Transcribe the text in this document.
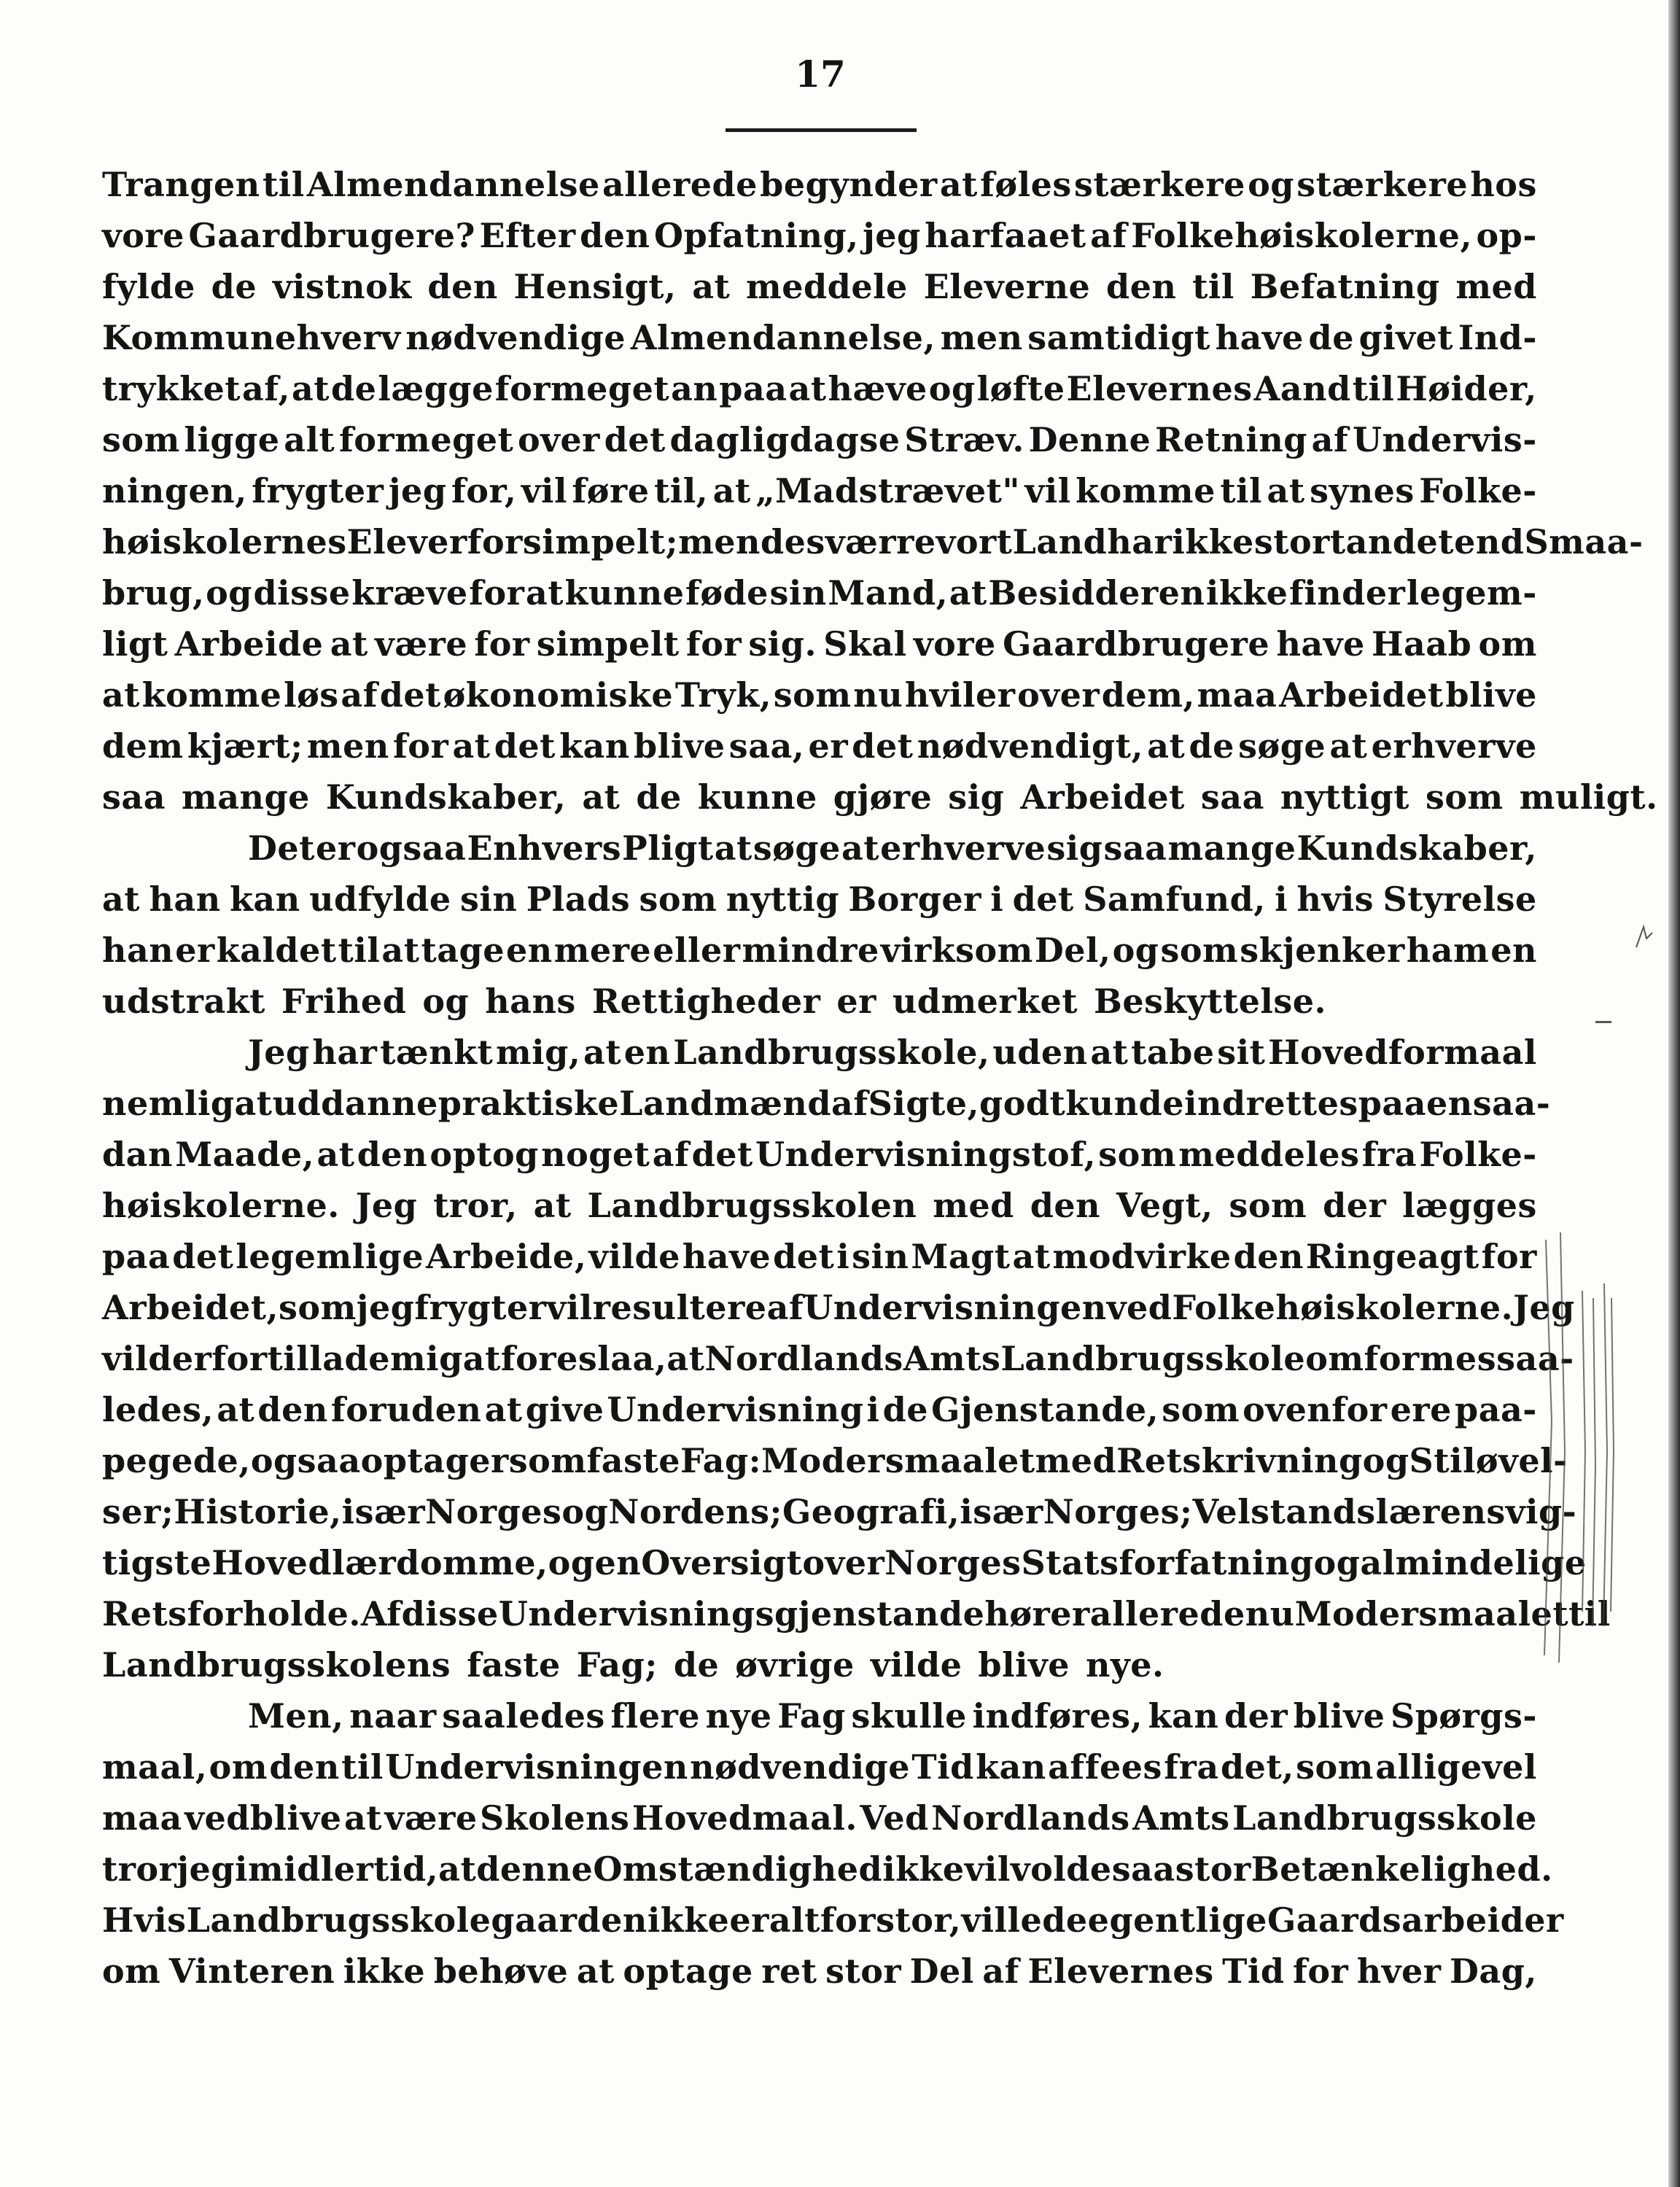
17
Trangen til Almendannelse allerede begynder at føles stærkere og stærkere hos
vore Gaardbrugere? Efter den Opfatning, jeg harfaaet af Folkehøiskolerne, op-
fylde de vistnok den Hensigt, at meddele Eleverne den til Befatning med
Kommunehverv nødvendige Almendannelse, men samtidigt have de givet Ind-
trykket af, at de lægge formeget an paa at hæve og løfte Elevernes Aand til Høider,
som ligge alt formeget over det dagligdagse Stræv. Denne Retning af Undervis-
ningen, frygter jeg for, vil føre til, at „Madstrævet" vil komme til at synes Folke-
høiskolernes Elever for simpelt; men desværre vort Land har ikke stort andet end Smaa-
brug, og disse kræve for at kunne føde sin Mand, at Besidderen ikke finder legem-
ligt Arbeide at være for simpelt for sig. Skal vore Gaardbrugere have Haab om
at komme løs af det økonomiske Tryk, som nu hviler over dem, maa Arbeidet blive
dem kjært; men for at det kan blive saa, er det nødvendigt, at de søge at erhverve
saa mange Kundskaber, at de kunne gjøre sig Arbeidet saa nyttigt som muligt.
Det er ogsaa Enhvers Pligt at søge at erhverve sig saa mange Kundskaber,
at han kan udfylde sin Plads som nyttig Borger i det Samfund, i hvis Styrelse
han er kaldet til at tage en mere eller mindre virksom Del, og som skjenker ham en
udstrakt Frihed og hans Rettigheder er udmerket Beskyttelse.
Jeg har tænkt mig, at en Landbrugsskole, uden at tabe sit Hovedformaal
nemlig at uddanne praktiske Landmænd af Sigte, godt kunde indrettes paa en saa-
dan Maade, at den optog noget af det Undervisningstof, som meddeles fra Folke-
høiskolerne. Jeg tror, at Landbrugsskolen med den Vegt, som der lægges
paa det legemlige Arbeide, vilde have det i sin Magt at modvirke den Ringeagt for
Arbeidet, som jeg frygter vil resultere af Undervisningen ved Folkehøiskolerne. Jeg
vil derfor tillade mig at foreslaa, at Nordlands Amts Landbrugsskole omformes saa-
ledes, at den foruden at give Undervisning i de Gjenstande, som ovenfor ere paa-
pegede, ogsaa optager som faste Fag: Modersmaalet med Retskrivning og Stiløvel-
ser; Historie, især Norges og Nordens; Geografi, især Norges; Velstandslærens vig-
tigste Hovedlærdomme, og en Oversigt over Norges Statsforfatning og almindelige
Retsforholde. Af disse Undervisningsgjenstande hører allerede nu Modersmaalet til
Landbrugsskolens faste Fag; de øvrige vilde blive nye.
Men, naar saaledes flere nye Fag skulle indføres, kan der blive Spørgs-
maal, om den til Undervisningen nødvendige Tid kan affees fra det, som alligevel
maa vedblive at være Skolens Hovedmaal. Ved Nordlands Amts Landbrugsskole
tror jeg imidlertid, at denne Omstændighed ikke vil volde saa stor Betænkelighed.
Hvis Landbrugsskolegaarden ikke er alt for stor, ville de egentlige Gaardsarbeider
om Vinteren ikke behøve at optage ret stor Del af Elevernes Tid for hver Dag,
